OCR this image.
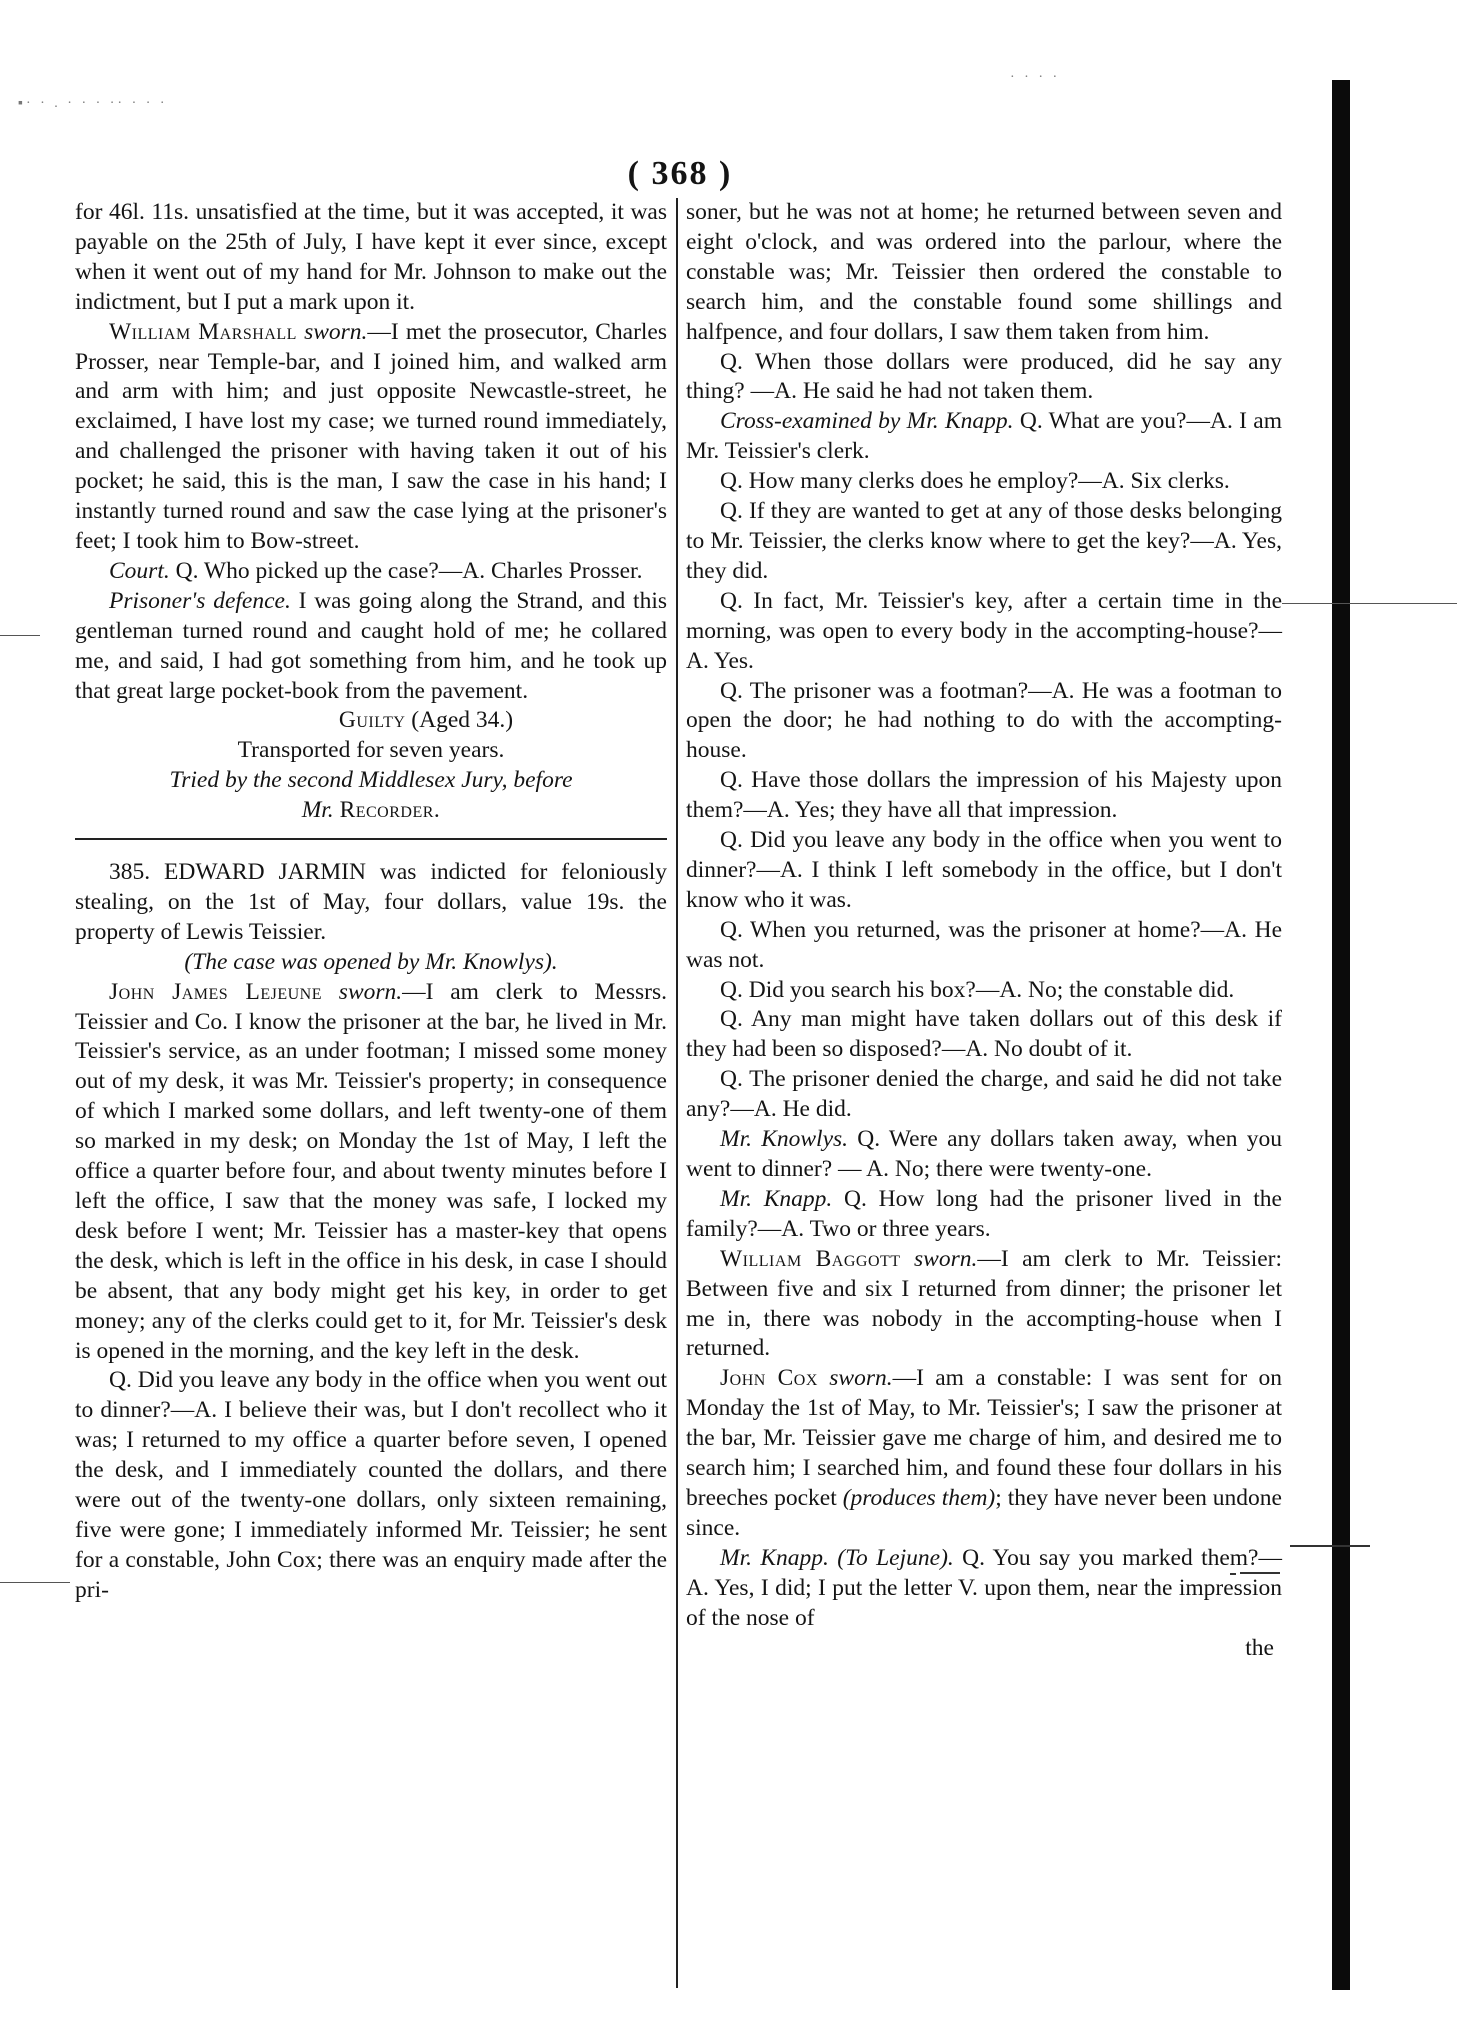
▪· · . · · · ·· · · ·
· · · ·
( 368 )

for 46l. 11s. unsatisfied at the time, but it was accepted, it was payable on the 25th of July, I have kept it ever since, except when it went out of my hand for Mr. Johnson to make out the indictment, but I put a mark upon it.

William Marshall sworn.—I met the prosecutor, Charles Prosser, near Temple-bar, and I joined him, and walked arm and arm with him; and just opposite Newcastle-street, he exclaimed, I have lost my case; we turned round immediately, and challenged the prisoner with having taken it out of his pocket; he said, this is the man, I saw the case in his hand; I instantly turned round and saw the case lying at the prisoner's feet; I took him to Bow-street.

Court. Q. Who picked up the case?—A. Charles Prosser.

Prisoner's defence. I was going along the Strand, and this gentleman turned round and caught hold of me; he collared me, and said, I had got something from him, and he took up that great large pocket-book from the pavement.

Guilty (Aged 34.)

Transported for seven years.

Tried by the second Middlesex Jury, before

Mr. Recorder.

385. EDWARD JARMIN was indicted for feloniously stealing, on the 1st of May, four dollars, value 19s. the property of Lewis Teissier.

(The case was opened by Mr. Knowlys).

John James Lejeune sworn.—I am clerk to Messrs. Teissier and Co. I know the prisoner at the bar, he lived in Mr. Teissier's service, as an under footman; I missed some money out of my desk, it was Mr. Teissier's property; in consequence of which I marked some dollars, and left twenty-one of them so marked in my desk; on Monday the 1st of May, I left the office a quarter before four, and about twenty minutes before I left the office, I saw that the money was safe, I locked my desk before I went; Mr. Teissier has a master-key that opens the desk, which is left in the office in his desk, in case I should be absent, that any body might get his key, in order to get money; any of the clerks could get to it, for Mr. Teissier's desk is opened in the morning, and the key left in the desk.

Q. Did you leave any body in the office when you went out to dinner?—A. I believe their was, but I don't recollect who it was; I returned to my office a quarter before seven, I opened the desk, and I immediately counted the dollars, and there were out of the twenty-one dollars, only sixteen remaining, five were gone; I immediately informed Mr. Teissier; he sent for a constable, John Cox; there was an enquiry made after the pri-

soner, but he was not at home; he returned between seven and eight o'clock, and was ordered into the parlour, where the constable was; Mr. Teissier then ordered the constable to search him, and the constable found some shillings and halfpence, and four dollars, I saw them taken from him.

Q. When those dollars were produced, did he say any thing? —A. He said he had not taken them.

Cross-examined by Mr. Knapp. Q. What are you?—A. I am Mr. Teissier's clerk.

Q. How many clerks does he employ?—A. Six clerks.

Q. If they are wanted to get at any of those desks belonging to Mr. Teissier, the clerks know where to get the key?—A. Yes, they did.

Q. In fact, Mr. Teissier's key, after a certain time in the morning, was open to every body in the accompting-house?—A. Yes.

Q. The prisoner was a footman?—A. He was a footman to open the door; he had nothing to do with the accompting-house.

Q. Have those dollars the impression of his Majesty upon them?—A. Yes; they have all that impression.

Q. Did you leave any body in the office when you went to dinner?—A. I think I left somebody in the office, but I don't know who it was.

Q. When you returned, was the prisoner at home?—A. He was not.

Q. Did you search his box?—A. No; the constable did.

Q. Any man might have taken dollars out of this desk if they had been so disposed?—A. No doubt of it.

Q. The prisoner denied the charge, and said he did not take any?—A. He did.

Mr. Knowlys. Q. Were any dollars taken away, when you went to dinner? — A. No; there were twenty-one.

Mr. Knapp. Q. How long had the prisoner lived in the family?—A. Two or three years.

William Baggott sworn.—I am clerk to Mr. Teissier: Between five and six I returned from dinner; the prisoner let me in, there was nobody in the accompting-house when I returned.

John Cox sworn.—I am a constable: I was sent for on Monday the 1st of May, to Mr. Teissier's; I saw the prisoner at the bar, Mr. Teissier gave me charge of him, and desired me to search him; I searched him, and found these four dollars in his breeches pocket (produces them); they have never been undone since.

Mr. Knapp. (To Lejune). Q. You say you marked them?—A. Yes, I did; I put the letter V. upon them, near the impression of the nose of

the
